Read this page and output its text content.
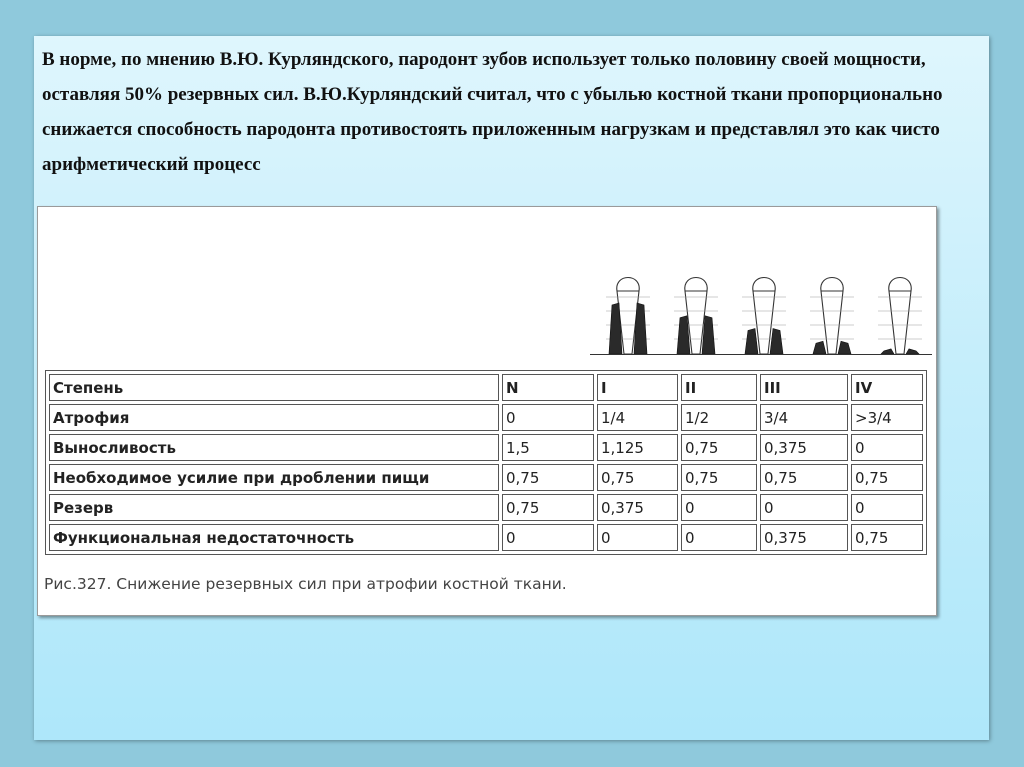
В норме, по мнению В.Ю. Курляндского, пародонт зубов использует только половину своей мощности, оставляя 50% резервных сил. В.Ю.Курляндский считал, что с убылью костной ткани пропорционально снижается способность пародонта противостоять приложенным нагрузкам и представлял это как чисто арифметический процесс

Степень	N	I	II	III	IV
Атрофия	0	1/4	1/2	3/4	>3/4
Выносливость	1,5	1,125	0,75	0,375	0
Необходимое усилие при дроблении пищи	0,75	0,75	0,75	0,75	0,75
Резерв	0,75	0,375	0	0	0
Функциональная недостаточность	0	0	0	0,375	0,75
Рис.327. Снижение резервных сил при атрофии костной ткани.
